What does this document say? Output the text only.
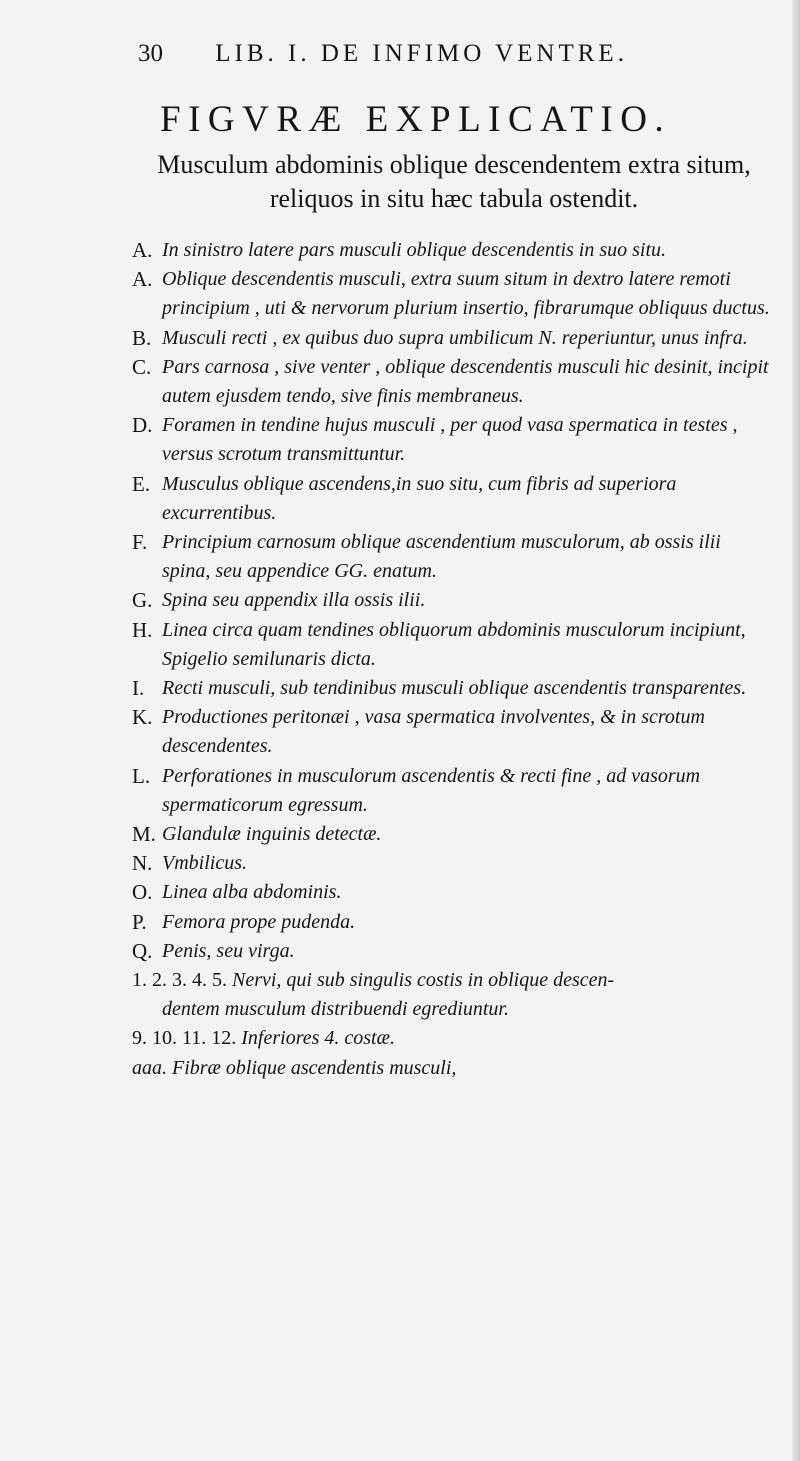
30 LIB. I. DE INFIMO VENTRE.
FIGVRÆ EXPLICATIO.
Musculum abdominis oblique descendentem extra situm, reliquos in situ hæc tabula ostendit.
A. In sinistro latere pars musculi oblique descendentis in suo situ.
A. Oblique descendentis musculi, extra suum situm in dextro latere remoti principium , uti & nervorum plurium insertio, fibrarumque obliquus ductus.
B. Musculi recti , ex quibus duo supra umbilicum N. reperiuntur, unus infra.
C. Pars carnosa , sive venter , oblique descendentis musculi hic desinit, incipit autem ejusdem tendo, sive finis membraneus.
D. Foramen in tendine hujus musculi , per quod vasa spermatica in testes , versus scrotum transmittuntur.
E. Musculus oblique ascendens,in suo situ, cum fibris ad superiora excurrentibus.
F. Principium carnosum oblique ascendentium musculorum, ab ossis ilii spina, seu appendice GG. enatum.
G. Spina seu appendix illa ossis ilii.
H. Linea circa quam tendines obliquorum abdominis musculorum incipiunt, Spigelio semilunaris dicta.
I. Recti musculi, sub tendinibus musculi oblique ascendentis transparentes.
K. Productiones peritonæi , vasa spermatica involventes, & in scrotum descendentes.
L. Perforationes in musculorum ascendentis & recti fine , ad vasorum spermaticorum egressum.
M. Glandulæ inguinis detectæ.
N. Vmbilicus.
O. Linea alba abdominis.
P. Femora prope pudenda.
Q. Penis, seu virga.
1. 2. 3. 4. 5. Nervi, qui sub singulis costis in oblique descen-
dentem musculum distribuendi egrediuntur.
9. 10. 11. 12. Inferiores 4. costæ.
aaa. Fibræ oblique ascendentis musculi,
